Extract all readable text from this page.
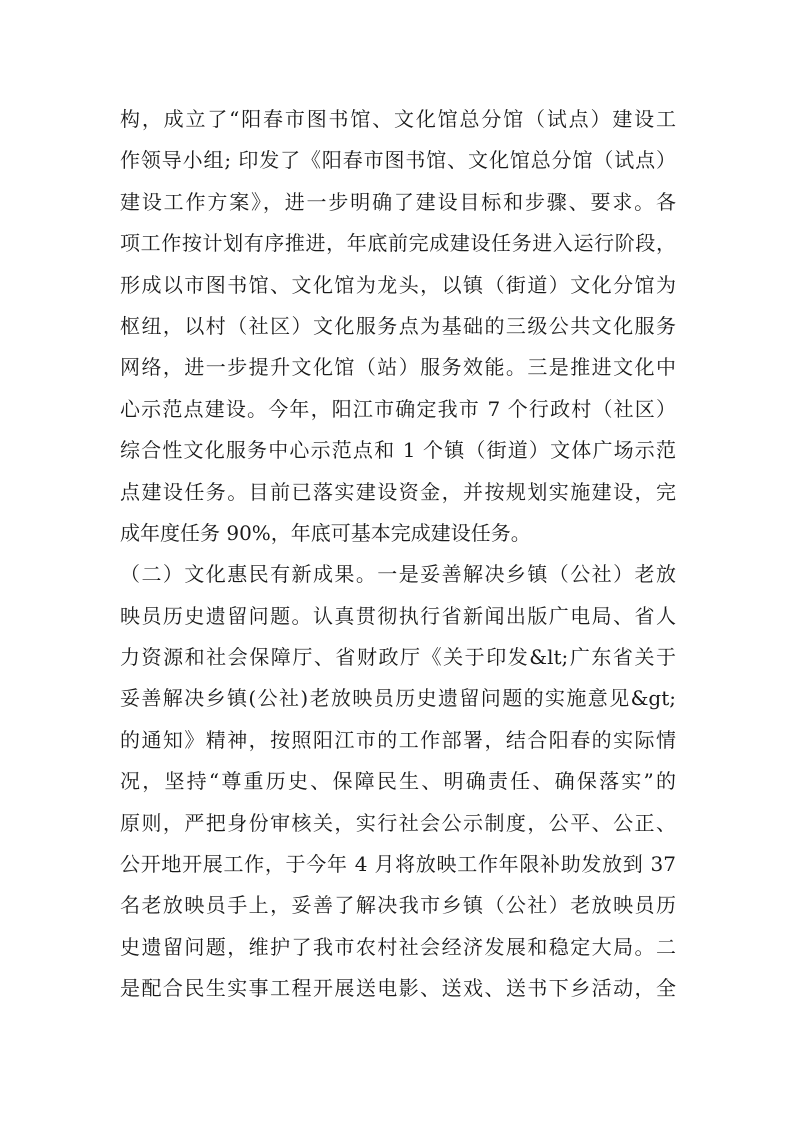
构，成立了“阳春市图书馆、文化馆总分馆（试点）建设工
作领导小组; 印发了《阳春市图书馆、文化馆总分馆（试点）
建设工作方案》，进一步明确了建设目标和步骤、要求。各
项工作按计划有序推进，年底前完成建设任务进入运行阶段，
形成以市图书馆、文化馆为龙头，以镇（街道）文化分馆为
枢纽，以村（社区）文化服务点为基础的三级公共文化服务
网络，进一步提升文化馆（站）服务效能。三是推进文化中
心示范点建设。今年，阳江市确定我市 7 个行政村（社区）
综合性文化服务中心示范点和 1 个镇（街道）文体广场示范
点建设任务。目前已落实建设资金，并按规划实施建设，完
成年度任务 90%，年底可基本完成建设任务。
（二）文化惠民有新成果。一是妥善解决乡镇（公社）老放
映员历史遗留问题。认真贯彻执行省新闻出版广电局、省人
力资源和社会保障厅、省财政厅《关于印发&lt;广东省关于
妥善解决乡镇(公社)老放映员历史遗留问题的实施意见&gt;
的通知》精神，按照阳江市的工作部署，结合阳春的实际情
况，坚持“尊重历史、保障民生、明确责任、确保落实”的
原则，严把身份审核关，实行社会公示制度，公平、公正、
公开地开展工作，于今年 4 月将放映工作年限补助发放到 37
名老放映员手上，妥善了解决我市乡镇（公社）老放映员历
史遗留问题，维护了我市农村社会经济发展和稳定大局。二
是配合民生实事工程开展送电影、送戏、送书下乡活动，全
